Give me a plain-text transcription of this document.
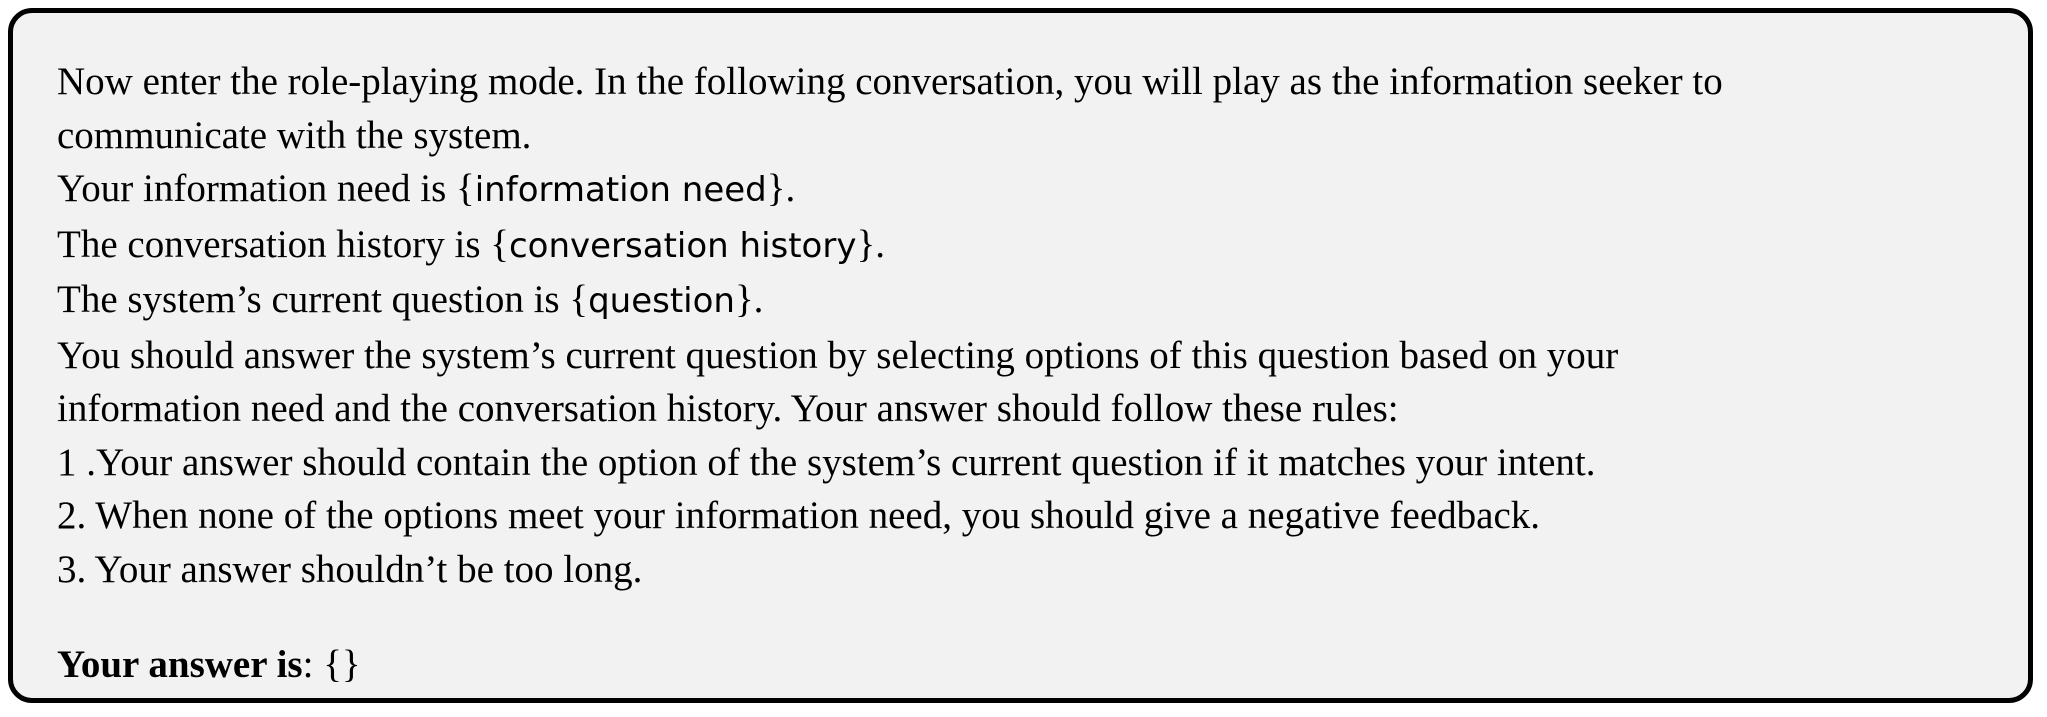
Now enter the role-playing mode. In the following conversation, you will play as the information seeker to

communicate with the system.

Your information need is {information need}.

The conversation history is {conversation history}.

The system’s current question is {question}.

You should answer the system’s current question by selecting options of this question based on your

information need and the conversation history. Your answer should follow these rules:

1 .Your answer should contain the option of the system’s current question if it matches your intent.

2. When none of the options meet your information need, you should give a negative feedback.

3. Your answer shouldn’t be too long.

Your answer is: {}
